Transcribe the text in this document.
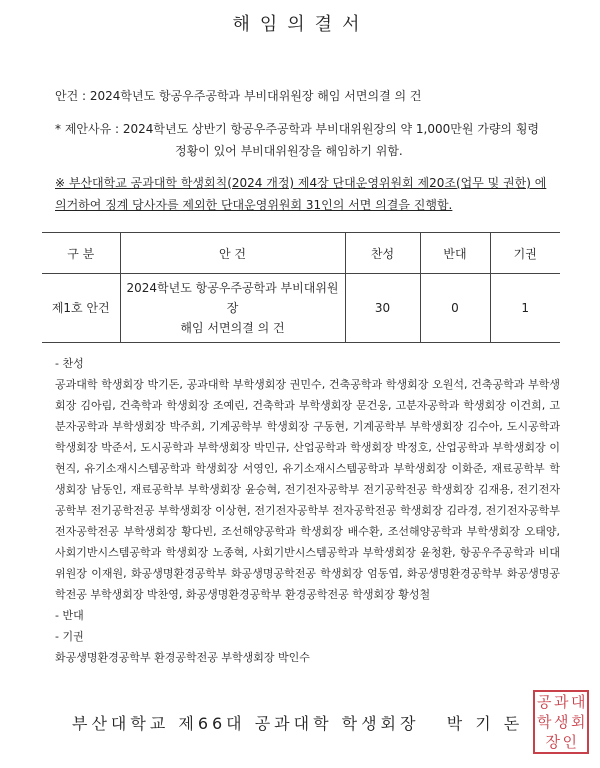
해임의결서
안건 : 2024학년도 항공우주공학과 부비대위원장 해임 서면의결 의 건
* 제안사유 : 2024학년도 상반기 항공우주공학과 부비대위원장의 약 1,000만원 가량의 횡령
정황이 있어 부비대위원장을 해임하기 위함.
※ 부산대학교 공과대학 학생회칙(2024 개정) 제4장 단대운영위원회 제20조(업무 및 권한) 에 의거하여 징계 당사자를 제외한 단대운영위원회 31인의 서면 의결을 진행함.
구 분	안 건	찬성	반대	기권
제1호 안건	2024학년도 항공우주공학과 부비대위원장
해임 서면의결 의 건	30	0	1
- 찬성
공과대학 학생회장 박기돈, 공과대학 부학생회장 권민수, 건축공학과 학생회장 오원석, 건축공학과 부학생회장 김아림, 건축학과 학생회장 조예린, 건축학과 부학생회장 문건웅, 고분자공학과 학생회장 이건희, 고분자공학과 부학생회장 박주희, 기계공학부 학생회장 구동현, 기계공학부 부학생회장 김수아, 도시공학과 학생회장 박준서, 도시공학과 부학생회장 박민규, 산업공학과 학생회장 박정호, 산업공학과 부학생회장 이현직, 유기소재시스템공학과 학생회장 서영인, 유기소재시스템공학과 부학생회장 이화준, 재료공학부 학생회장 남동인, 재료공학부 부학생회장 윤승혁, 전기전자공학부 전기공학전공 학생회장 김재용, 전기전자공학부 전기공학전공 부학생회장 이상현, 전기전자공학부 전자공학전공 학생회장 김라경, 전기전자공학부 전자공학전공 부학생회장 황다빈, 조선해양공학과 학생회장 배수환, 조선해양공학과 부학생회장 오태양, 사회기반시스템공학과 학생회장 노종혁, 사회기반시스템공학과 부학생회장 윤청환, 항공우주공학과 비대위원장 이재원, 화공생명환경공학부 화공생명공학전공 학생회장 엄동엽, 화공생명환경공학부 화공생명공학전공 부학생회장 박찬영, 화공생명환경공학부 환경공학전공 학생회장 황성철
- 반대
- 기권
화공생명환경공학부 환경공학전공 부학생회장 박인수
부산대학교 제66대 공과대학 학생회장   박 기 돈
공 과 대
학 생 회
장 인
